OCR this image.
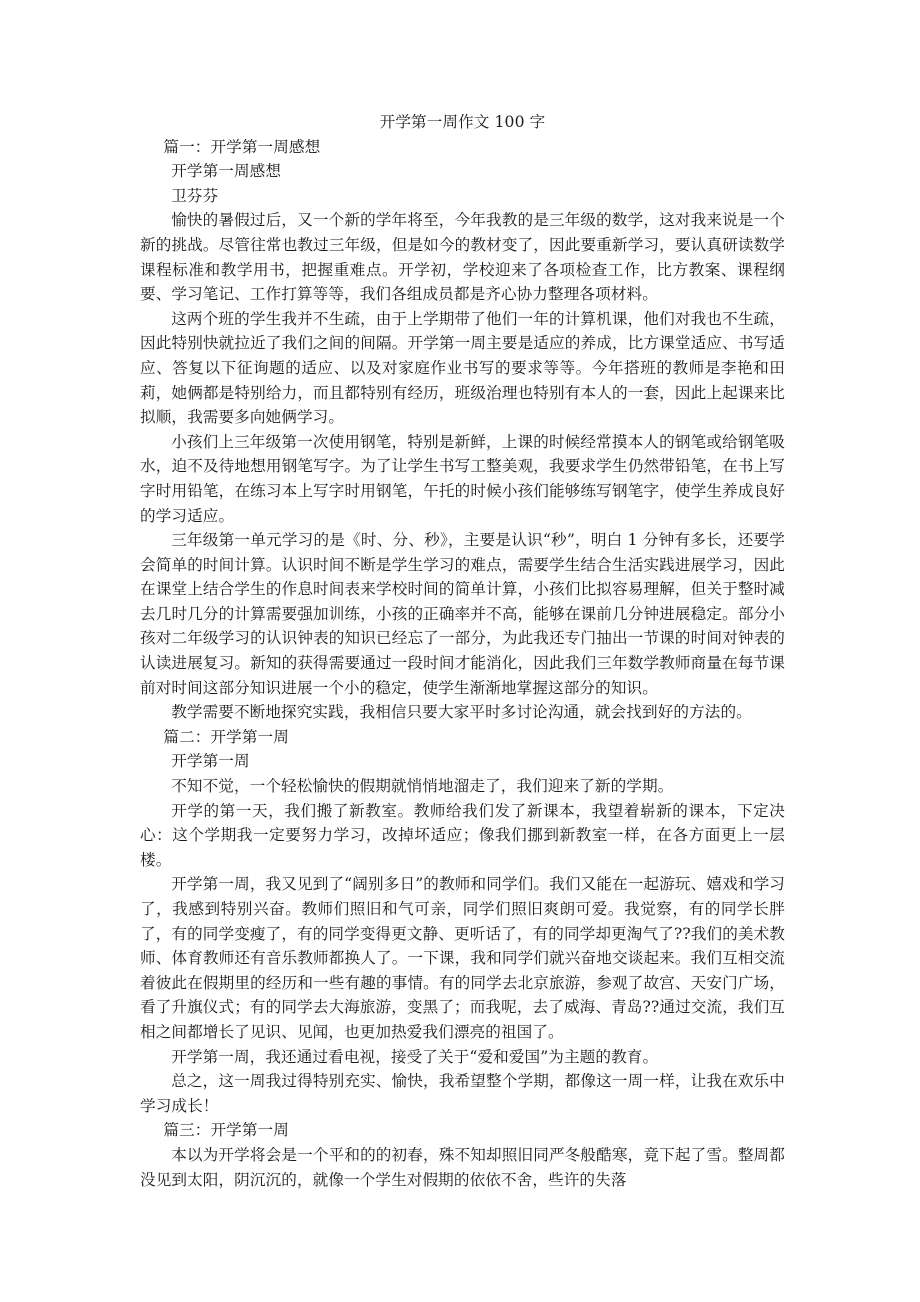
开学第一周作文 100 字

篇一：开学第一周感想

开学第一周感想

卫芬芬

愉快的暑假过后，又一个新的学年将至，今年我教的是三年级的数学，这对我来说是一个新的挑战。尽管往常也教过三年级，但是如今的教材变了，因此要重新学习，要认真研读数学课程标准和教学用书，把握重难点。开学初，学校迎来了各项检查工作，比方教案、课程纲要、学习笔记、工作打算等等，我们各组成员都是齐心协力整理各项材料。

这两个班的学生我并不生疏，由于上学期带了他们一年的计算机课，他们对我也不生疏，因此特别快就拉近了我们之间的间隔。开学第一周主要是适应的养成，比方课堂适应、书写适应、答复以下征询题的适应、以及对家庭作业书写的要求等等。今年搭班的教师是李艳和田莉，她俩都是特别给力，而且都特别有经历，班级治理也特别有本人的一套，因此上起课来比拟顺，我需要多向她俩学习。

小孩们上三年级第一次使用钢笔，特别是新鲜，上课的时候经常摸本人的钢笔或给钢笔吸水，迫不及待地想用钢笔写字。为了让学生书写工整美观，我要求学生仍然带铅笔，在书上写字时用铅笔，在练习本上写字时用钢笔，午托的时候小孩们能够练写钢笔字，使学生养成良好的学习适应。

三年级第一单元学习的是《时、分、秒》，主要是认识“秒”，明白 1 分钟有多长，还要学会简单的时间计算。认识时间不断是学生学习的难点，需要学生结合生活实践进展学习，因此在课堂上结合学生的作息时间表来学校时间的简单计算，小孩们比拟容易理解，但关于整时减去几时几分的计算需要强加训练，小孩的正确率并不高，能够在课前几分钟进展稳定。部分小孩对二年级学习的认识钟表的知识已经忘了一部分，为此我还专门抽出一节课的时间对钟表的认读进展复习。新知的获得需要通过一段时间才能消化，因此我们三年数学教师商量在每节课前对时间这部分知识进展一个小的稳定，使学生渐渐地掌握这部分的知识。

教学需要不断地探究实践，我相信只要大家平时多讨论沟通，就会找到好的方法的。

篇二：开学第一周

开学第一周

不知不觉，一个轻松愉快的假期就悄悄地溜走了，我们迎来了新的学期。

开学的第一天，我们搬了新教室。教师给我们发了新课本，我望着崭新的课本，下定决心：这个学期我一定要努力学习，改掉坏适应；像我们挪到新教室一样，在各方面更上一层楼。

开学第一周，我又见到了“阔别多日”的教师和同学们。我们又能在一起游玩、嬉戏和学习了，我感到特别兴奋。教师们照旧和气可亲，同学们照旧爽朗可爱。我觉察，有的同学长胖了，有的同学变瘦了，有的同学变得更文静、更听话了，有的同学却更淘气了??我们的美术教师、体育教师还有音乐教师都换人了。一下课，我和同学们就兴奋地交谈起来。我们互相交流着彼此在假期里的经历和一些有趣的事情。有的同学去北京旅游，参观了故宫、天安门广场，看了升旗仪式；有的同学去大海旅游，变黑了；而我呢，去了威海、青岛??通过交流，我们互相之间都增长了见识、见闻，也更加热爱我们漂亮的祖国了。

开学第一周，我还通过看电视，接受了关于“爱和爱国”为主题的教育。

总之，这一周我过得特别充实、愉快，我希望整个学期，都像这一周一样，让我在欢乐中学习成长！

篇三：开学第一周

本以为开学将会是一个平和的的初春，殊不知却照旧同严冬般酷寒，竟下起了雪。整周都没见到太阳，阴沉沉的，就像一个学生对假期的依依不舍，些许的失落
